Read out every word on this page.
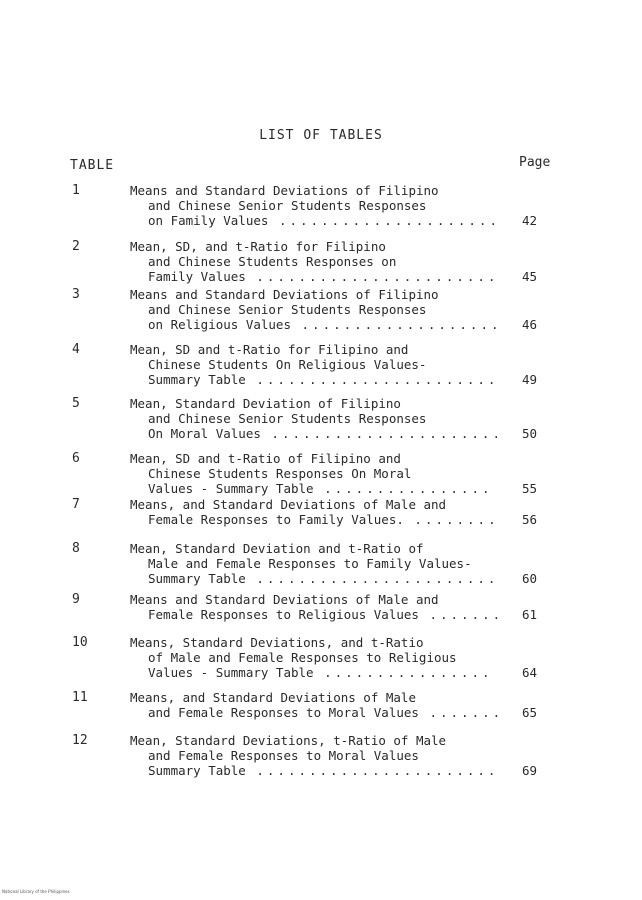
LIST OF TABLES
TABLE	Page
1	Means and Standard Deviations of Filipino
and Chinese Senior Students Responses
on Family Values ..................... 42
2	Mean, SD, and t-Ratio for Filipino
and Chinese Students Responses on
Family Values ....................... 45
3	Means and Standard Deviations of Filipino
and Chinese Senior Students Responses
on Religious Values ................... 46
4	Mean, SD and t-Ratio for Filipino and
Chinese Students On Religious Values-
Summary Table ....................... 49
5	Mean, Standard Deviation of Filipino
and Chinese Senior Students Responses
On Moral Values ...................... 50
6	Mean, SD and t-Ratio of Filipino and
Chinese Students Responses On Moral
Values - Summary Table ................ 55
7	Means, and Standard Deviations of Male and
Female Responses to Family Values. ........ 56
8	Mean, Standard Deviation and t-Ratio of
Male and Female Responses to Family Values-
Summary Table ....................... 60
9	Means and Standard Deviations of Male and
Female Responses to Religious Values ....... 61
10	Means, Standard Deviations, and t-Ratio
of Male and Female Responses to Religious
Values - Summary Table ................ 64
11	Means, and Standard Deviations of Male
and Female Responses to Moral Values ....... 65
12	Mean, Standard Deviations, t-Ratio of Male
and Female Responses to Moral Values
Summary Table ....................... 69
National Library of the Philippines
